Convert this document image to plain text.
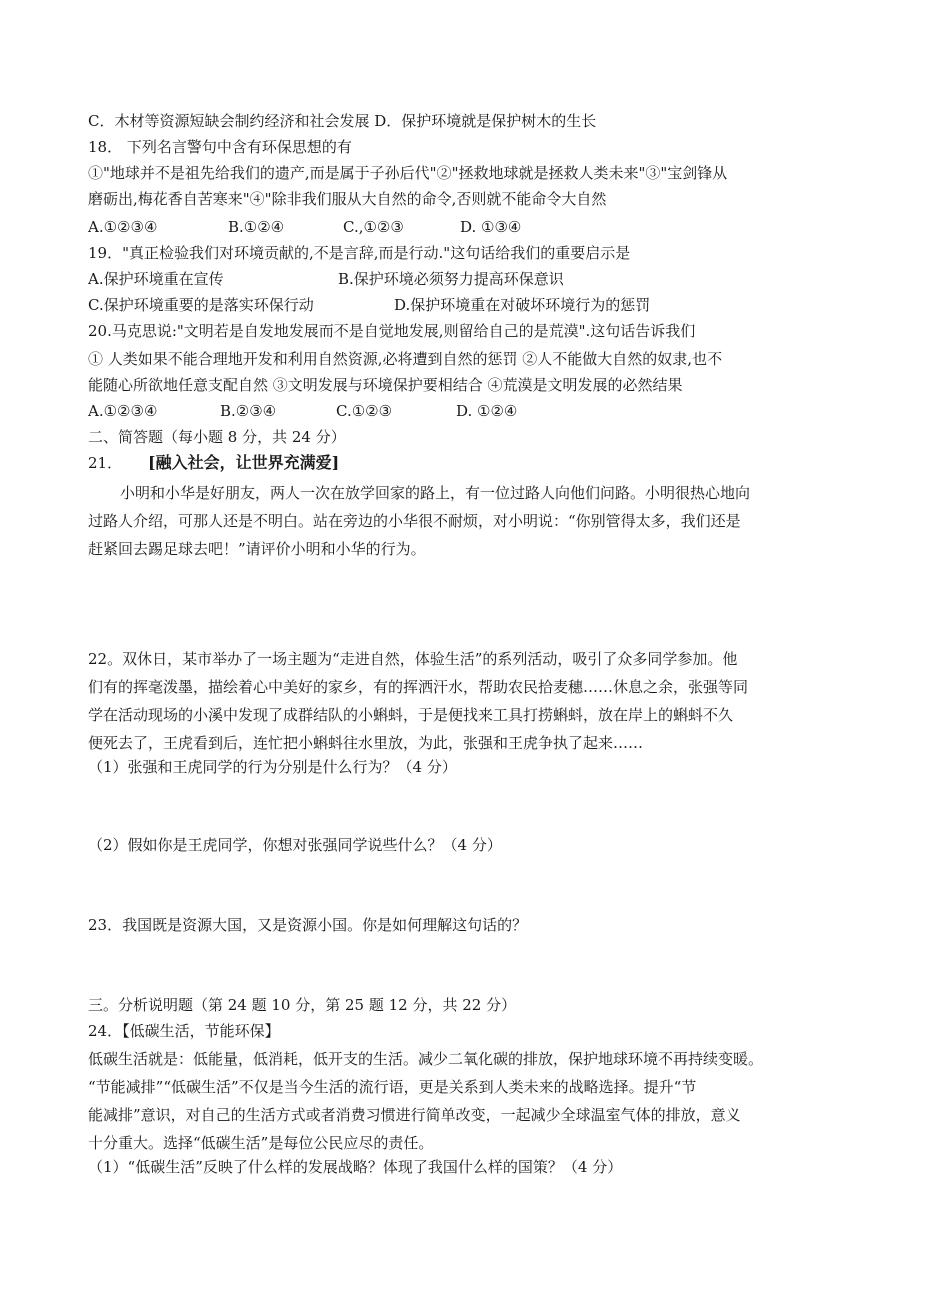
C．木材等资源短缺会制约经济和社会发展 D．保护环境就是保护树木的生长
18． 下列名言警句中含有环保思想的有
①"地球并不是祖先给我们的遗产,而是属于子孙后代"②"拯救地球就是拯救人类未来"③"宝剑锋从
磨砺出,梅花香自苦寒来"④"除非我们服从大自然的命令,否则就不能命令大自然
A.①②③④	B.①②④	C.,①②③	D. ①③④
19．"真正检验我们对环境贡献的,不是言辞,而是行动."这句话给我们的重要启示是
A.保护环境重在宣传	B.保护环境必须努力提高环保意识
C.保护环境重要的是落实环保行动	D.保护环境重在对破坏环境行为的惩罚
20.马克思说:"文明若是自发地发展而不是自觉地发展,则留给自己的是荒漠".这句话告诉我们
① 人类如果不能合理地开发和利用自然资源,必将遭到自然的惩罚 ②人不能做大自然的奴隶,也不
能随心所欲地任意支配自然 ③文明发展与环境保护要相结合 ④荒漠是文明发展的必然结果
A.①②③④	B.②③④	C.①②③	D. ①②④
二、简答题（每小题 8 分，共 24 分）
21． [融入社会，让世界充满爱]
小明和小华是好朋友，两人一次在放学回家的路上，有一位过路人向他们问路。小明很热心地向
过路人介绍，可那人还是不明白。站在旁边的小华很不耐烦，对小明说：“你别管得太多，我们还是
赶紧回去踢足球去吧！”请评价小明和小华的行为。
22。双休日，某市举办了一场主题为“走进自然，体验生活”的系列活动，吸引了众多同学参加。他
们有的挥毫泼墨，描绘着心中美好的家乡，有的挥洒汗水，帮助农民拾麦穗……休息之余，张强等同
学在活动现场的小溪中发现了成群结队的小蝌蚪，于是便找来工具打捞蝌蚪，放在岸上的蝌蚪不久
便死去了，王虎看到后，连忙把小蝌蚪往水里放，为此，张强和王虎争执了起来……
（1）张强和王虎同学的行为分别是什么行为？（4 分）
（2）假如你是王虎同学，你想对张强同学说些什么？（4 分）
23．我国既是资源大国，又是资源小国。你是如何理解这句话的？
三。分析说明题（第 24 题 10 分，第 25 题 12 分，共 22 分）
24．【低碳生活，节能环保】
低碳生活就是：低能量，低消耗，低开支的生活。减少二氧化碳的排放，保护地球环境不再持续变暖。
“节能减排”“低碳生活”不仅是当今生活的流行语，更是关系到人类未来的战略选择。提升“节
能减排”意识，对自己的生活方式或者消费习惯进行简单改变，一起减少全球温室气体的排放，意义
十分重大。选择“低碳生活”是每位公民应尽的责任。
（1）“低碳生活”反映了什么样的发展战略？体现了我国什么样的国策？（4 分）
